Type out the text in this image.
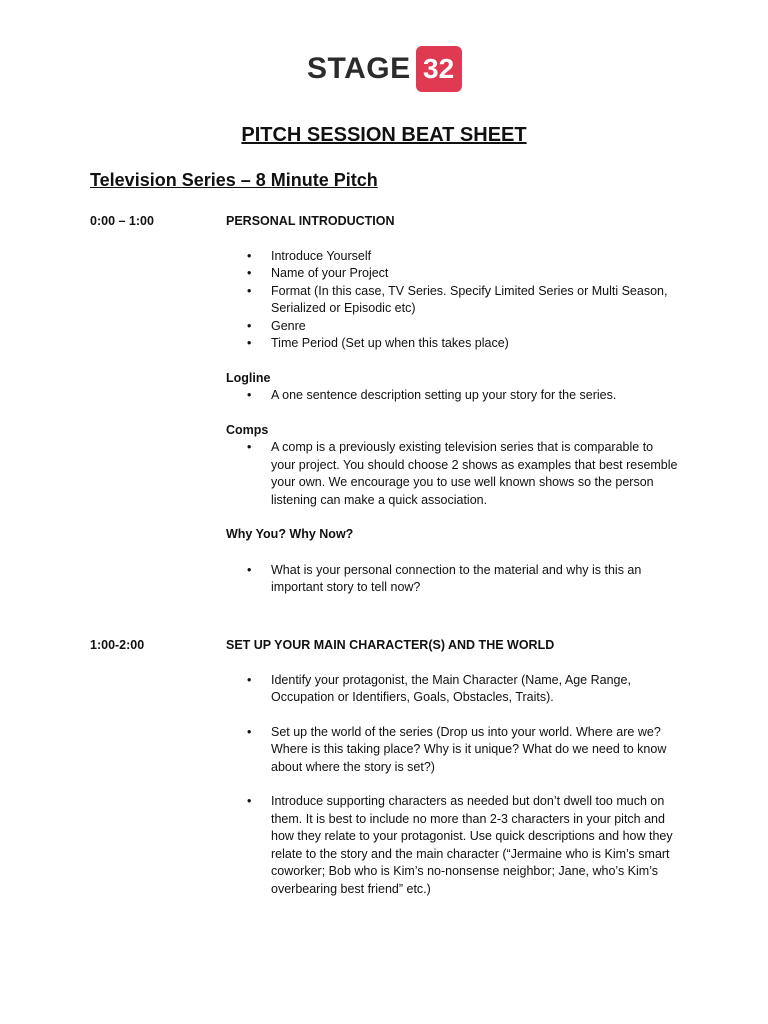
STAGE 32
PITCH SESSION BEAT SHEET
Television Series – 8 Minute Pitch
0:00 – 1:00	PERSONAL INTRODUCTION
• Introduce Yourself
• Name of your Project
• Format (In this case, TV Series. Specify Limited Series or Multi Season, Serialized or Episodic etc)
• Genre
• Time Period (Set up when this takes place)
Logline
• A one sentence description setting up your story for the series.
Comps
• A comp is a previously existing television series that is comparable to your project. You should choose 2 shows as examples that best resemble your own. We encourage you to use well known shows so the person listening can make a quick association.
Why You? Why Now?
• What is your personal connection to the material and why is this an important story to tell now?
1:00-2:00	SET UP YOUR MAIN CHARACTER(S) AND THE WORLD
• Identify your protagonist, the Main Character (Name, Age Range, Occupation or Identifiers, Goals, Obstacles, Traits).
• Set up the world of the series (Drop us into your world. Where are we? Where is this taking place? Why is it unique? What do we need to know about where the story is set?)
• Introduce supporting characters as needed but don’t dwell too much on them. It is best to include no more than 2-3 characters in your pitch and how they relate to your protagonist. Use quick descriptions and how they relate to the story and the main character (“Jermaine who is Kim’s smart coworker; Bob who is Kim’s no-nonsense neighbor; Jane, who’s Kim’s overbearing best friend” etc.)
